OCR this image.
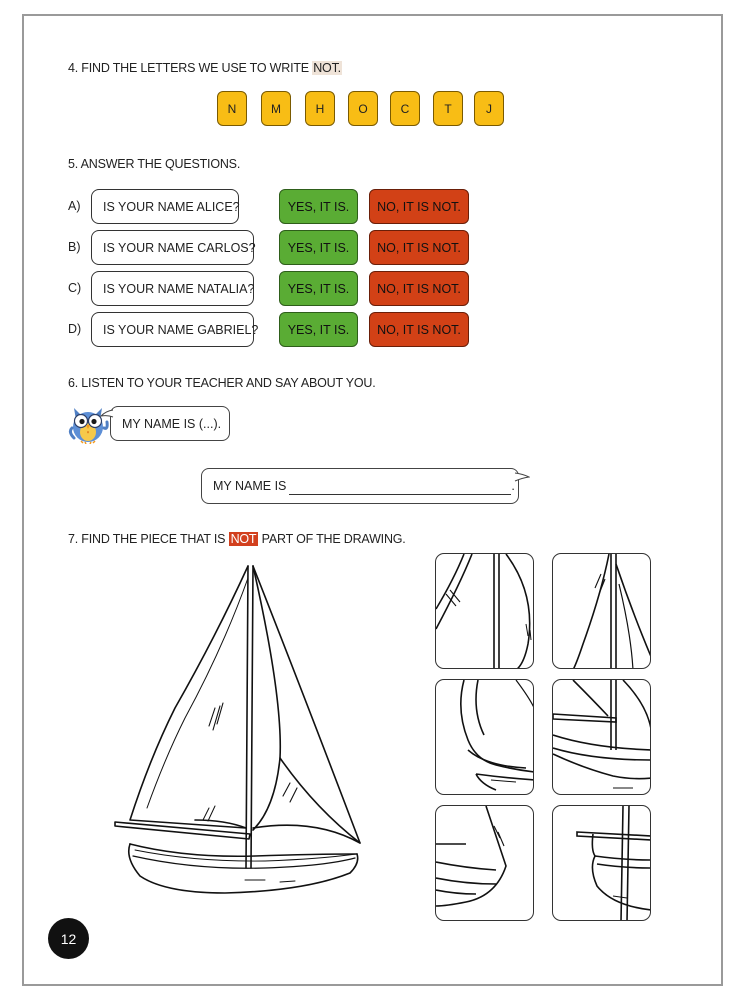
4. FIND THE LETTERS WE USE TO WRITE NOT.
N	M	H	O	C	T	J
5. ANSWER THE QUESTIONS.
A)	IS YOUR NAME ALICE?	YES, IT IS.	NO, IT IS NOT.
B)	IS YOUR NAME CARLOS?	YES, IT IS.	NO, IT IS NOT.
C)	IS YOUR NAME NATALIA?	YES, IT IS.	NO, IT IS NOT.
D)	IS YOUR NAME GABRIEL?	YES, IT IS.	NO, IT IS NOT.
6. LISTEN TO YOUR TEACHER AND SAY ABOUT YOU.
MY NAME IS (...).
MY NAME IS	.
7. FIND THE PIECE THAT IS NOT PART OF THE DRAWING.
12
